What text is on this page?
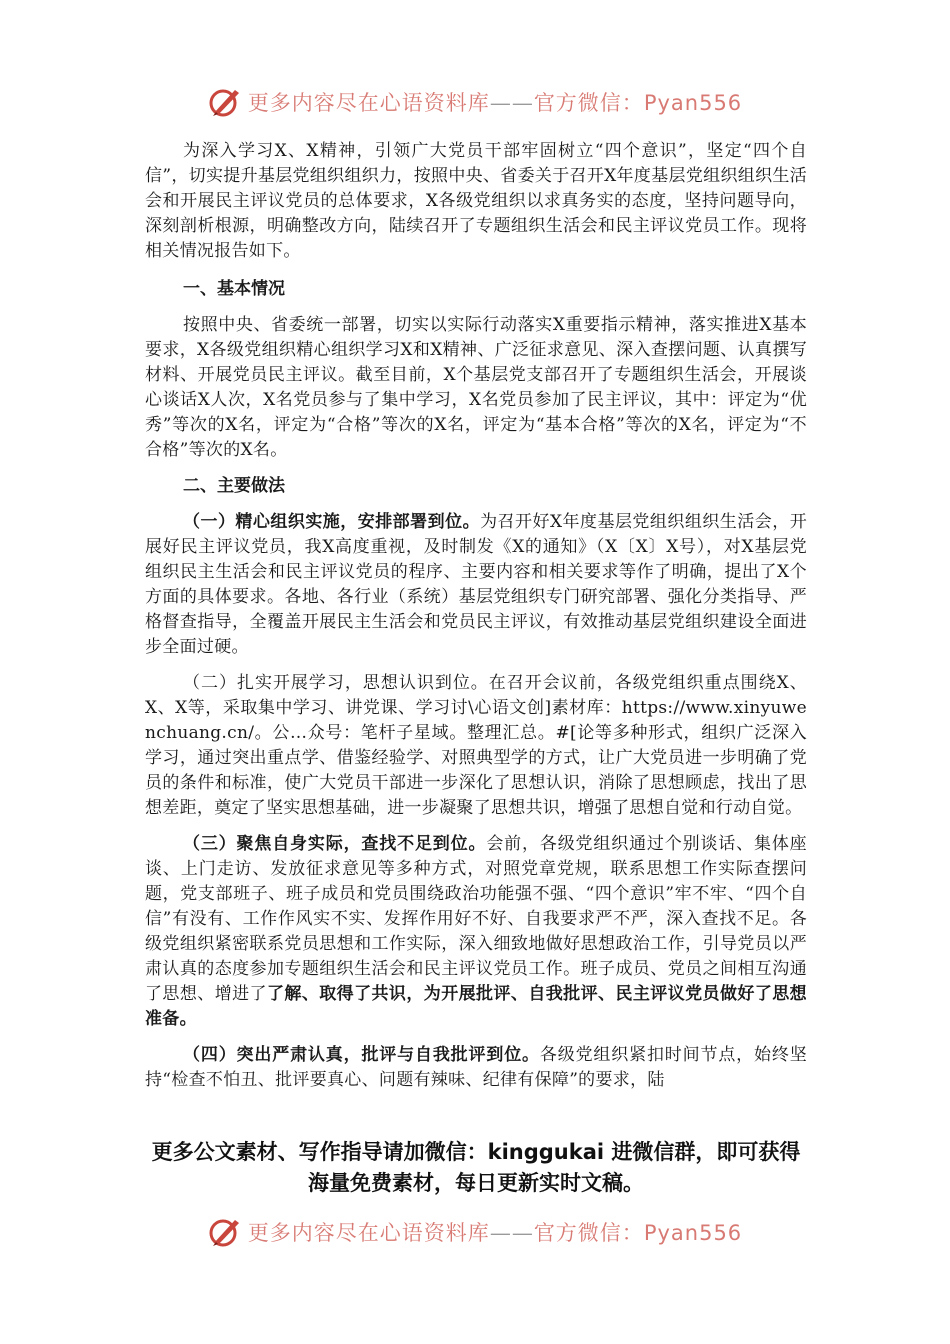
更多内容尽在心语资料库——官方微信：Pyan556

为深入学习X、X精神，引领广大党员干部牢固树立“四个意识”，坚定“四个自信”，切实提升基层党组织组织力，按照中央、省委关于召开X年度基层党组织组织生活会和开展民主评议党员的总体要求，X各级党组织以求真务实的态度，坚持问题导向，深刻剖析根源，明确整改方向，陆续召开了专题组织生活会和民主评议党员工作。现将相关情况报告如下。

一、基本情况

按照中央、省委统一部署，切实以实际行动落实X重要指示精神，落实推进X基本要求，X各级党组织精心组织学习X和X精神、广泛征求意见、深入查摆问题、认真撰写材料、开展党员民主评议。截至目前，X个基层党支部召开了专题组织生活会，开展谈心谈话X人次，X名党员参与了集中学习，X名党员参加了民主评议，其中：评定为“优秀”等次的X名，评定为“合格”等次的X名，评定为“基本合格”等次的X名，评定为“不合格”等次的X名。

二、主要做法

（一）精心组织实施，安排部署到位。为召开好X年度基层党组织组织生活会，开展好民主评议党员，我X高度重视，及时制发《X的通知》（X〔X〕X号），对X基层党组织民主生活会和民主评议党员的程序、主要内容和相关要求等作了明确，提出了X个方面的具体要求。各地、各行业（系统）基层党组织专门研究部署、强化分类指导、严格督查指导，全覆盖开展民主生活会和党员民主评议，有效推动基层党组织建设全面进步全面过硬。

（二）扎实开展学习，思想认识到位。在召开会议前，各级党组织重点围绕X、X、X等，采取集中学习、讲党课、学习讨\心语文创]素材库：https://www.xinyuwenchuang.cn/。公…众号：笔杆子星域。整理汇总。#[论等多种形式，组织广泛深入学习，通过突出重点学、借鉴经验学、对照典型学的方式，让广大党员进一步明确了党员的条件和标准，使广大党员干部进一步深化了思想认识，消除了思想顾虑，找出了思想差距，奠定了坚实思想基础，进一步凝聚了思想共识，增强了思想自觉和行动自觉。

（三）聚焦自身实际，查找不足到位。会前，各级党组织通过个别谈话、集体座谈、上门走访、发放征求意见等多种方式，对照党章党规，联系思想工作实际查摆问题，党支部班子、班子成员和党员围绕政治功能强不强、“四个意识”牢不牢、“四个自信”有没有、工作作风实不实、发挥作用好不好、自我要求严不严，深入查找不足。各级党组织紧密联系党员思想和工作实际，深入细致地做好思想政治工作，引导党员以严肃认真的态度参加专题组织生活会和民主评议党员工作。班子成员、党员之间相互沟通了思想、增进了了解、取得了共识，为开展批评、自我批评、民主评议党员做好了思想准备。

（四）突出严肃认真，批评与自我批评到位。各级党组织紧扣时间节点，始终坚持“检查不怕丑、批评要真心、问题有辣味、纪律有保障”的要求，陆

更多公文素材、写作指导请加微信：kinggukai 进微信群，即可获得海量免费素材，每日更新实时文稿。
更多内容尽在心语资料库——官方微信：Pyan556
